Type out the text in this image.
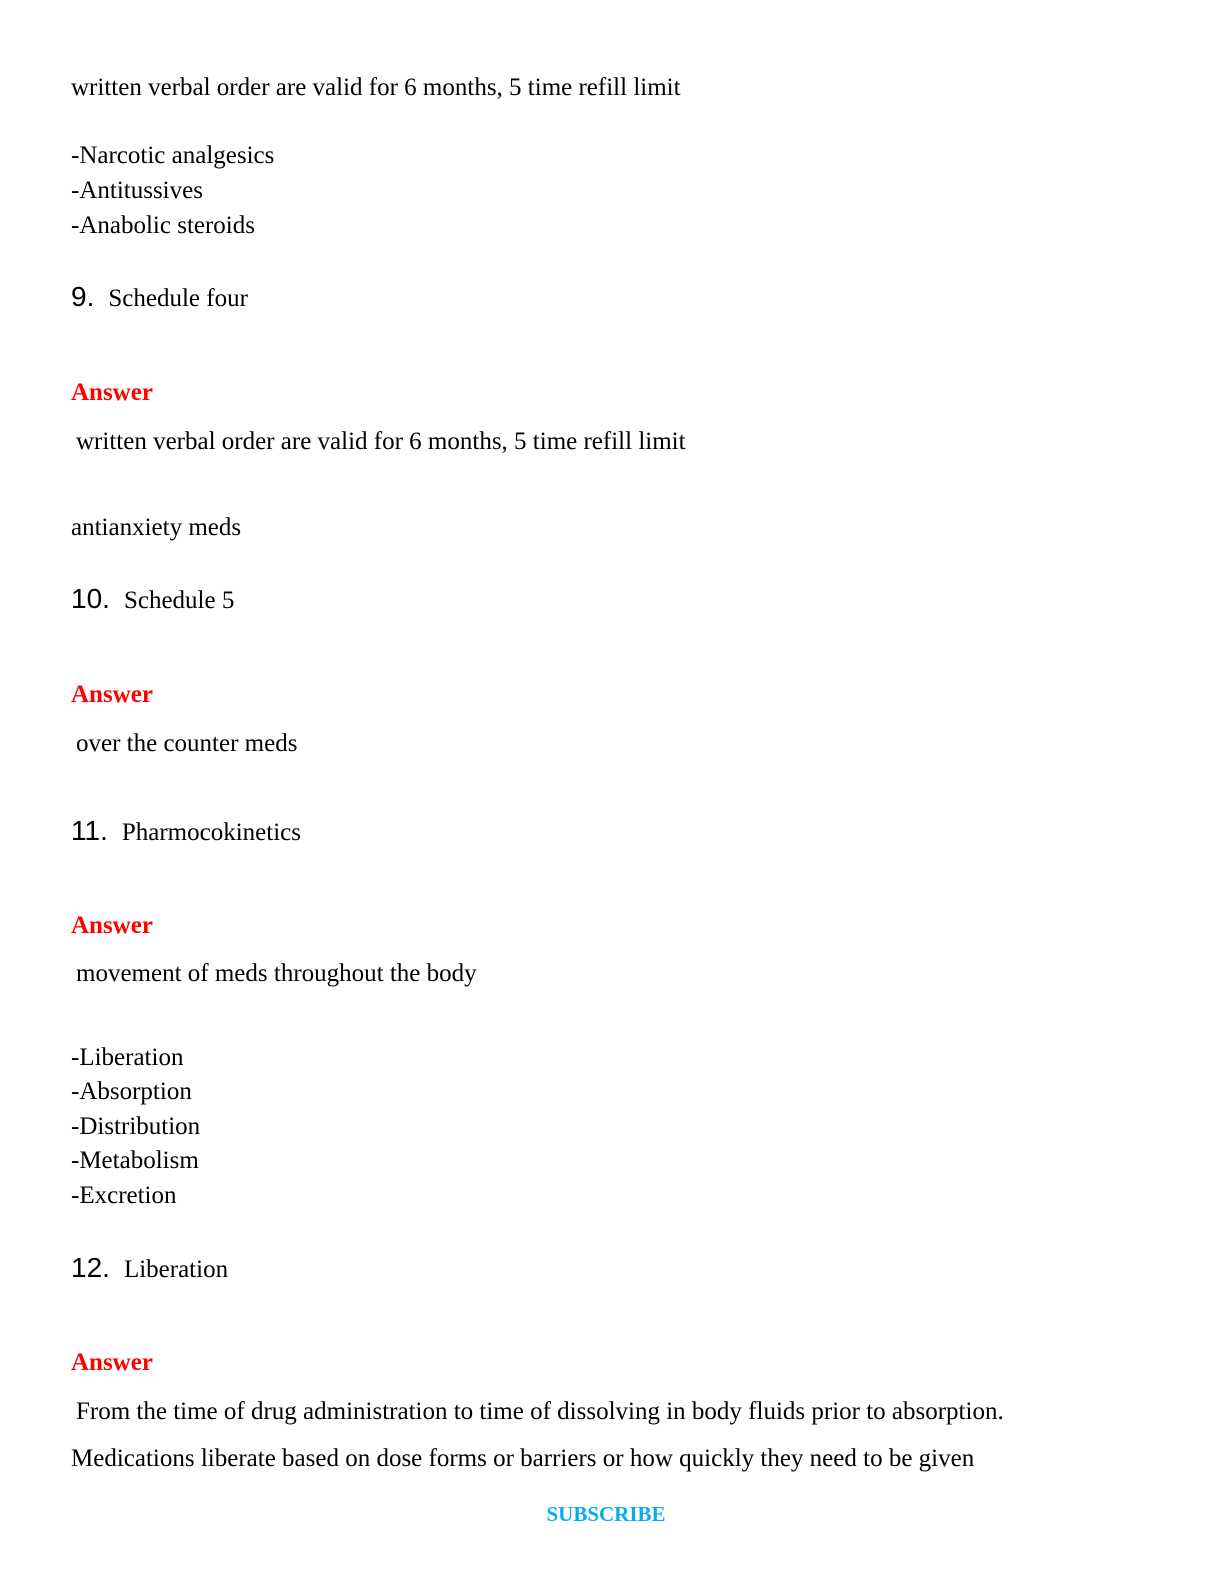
written verbal order are valid for 6 months, 5 time refill limit
-Narcotic analgesics
-Antitussives
-Anabolic steroids
9. Schedule four
Answer
written verbal order are valid for 6 months, 5 time refill limit
antianxiety meds
10. Schedule 5
Answer
over the counter meds
11. Pharmocokinetics
Answer
movement of meds throughout the body
-Liberation
-Absorption
-Distribution
-Metabolism
-Excretion
12. Liberation
Answer
From the time of drug administration to time of dissolving in body fluids prior to absorption.
Medications liberate based on dose forms or barriers or how quickly they need to be given
SUBSCRIBE
